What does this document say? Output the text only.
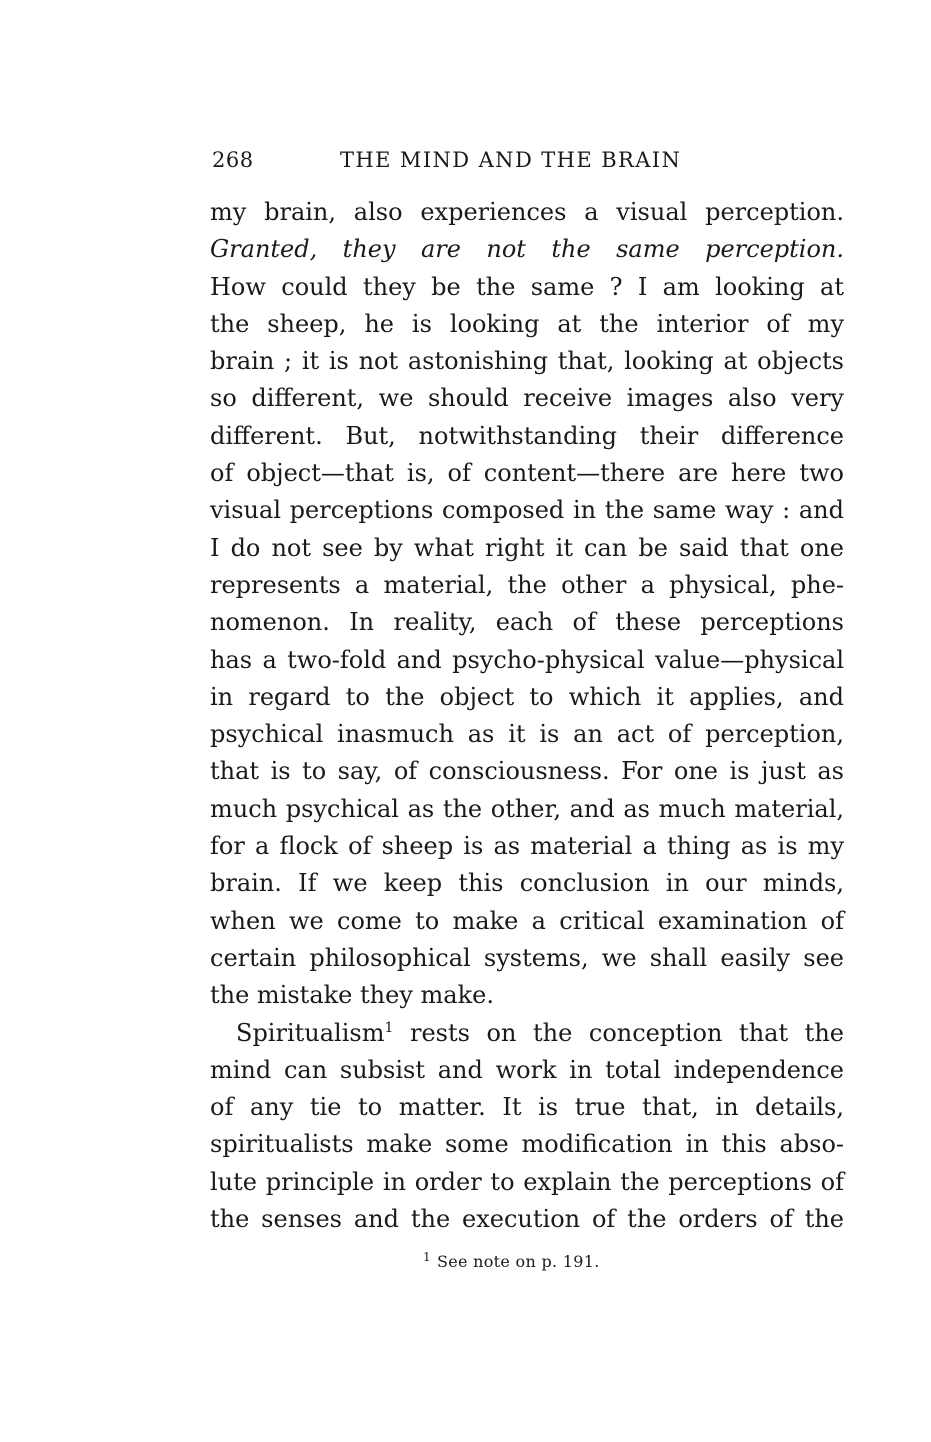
268	THE MIND AND THE BRAIN
my brain, also experiences a visual perception.
Granted, they are not the same perception.
How could they be the same ? I am looking at
the sheep, he is looking at the interior of my
brain ; it is not astonishing that, looking at objects
so different, we should receive images also very
different. But, notwithstanding their difference
of object—that is, of content—there are here two
visual perceptions composed in the same way : and
I do not see by what right it can be said that one
represents a material, the other a physical, phe-
nomenon. In reality, each of these perceptions
has a two-fold and psycho-physical value—physical
in regard to the object to which it applies, and
psychical inasmuch as it is an act of perception,
that is to say, of consciousness. For one is just as
much psychical as the other, and as much material,
for a flock of sheep is as material a thing as is my
brain. If we keep this conclusion in our minds,
when we come to make a critical examination of
certain philosophical systems, we shall easily see
the mistake they make.
Spiritualism$^1$ rests on the conception that the
mind can subsist and work in total independence
of any tie to matter. It is true that, in details,
spiritualists make some modification in this abso-
lute principle in order to explain the perceptions of
the senses and the execution of the orders of the
$^1$ See note on p. 191.
